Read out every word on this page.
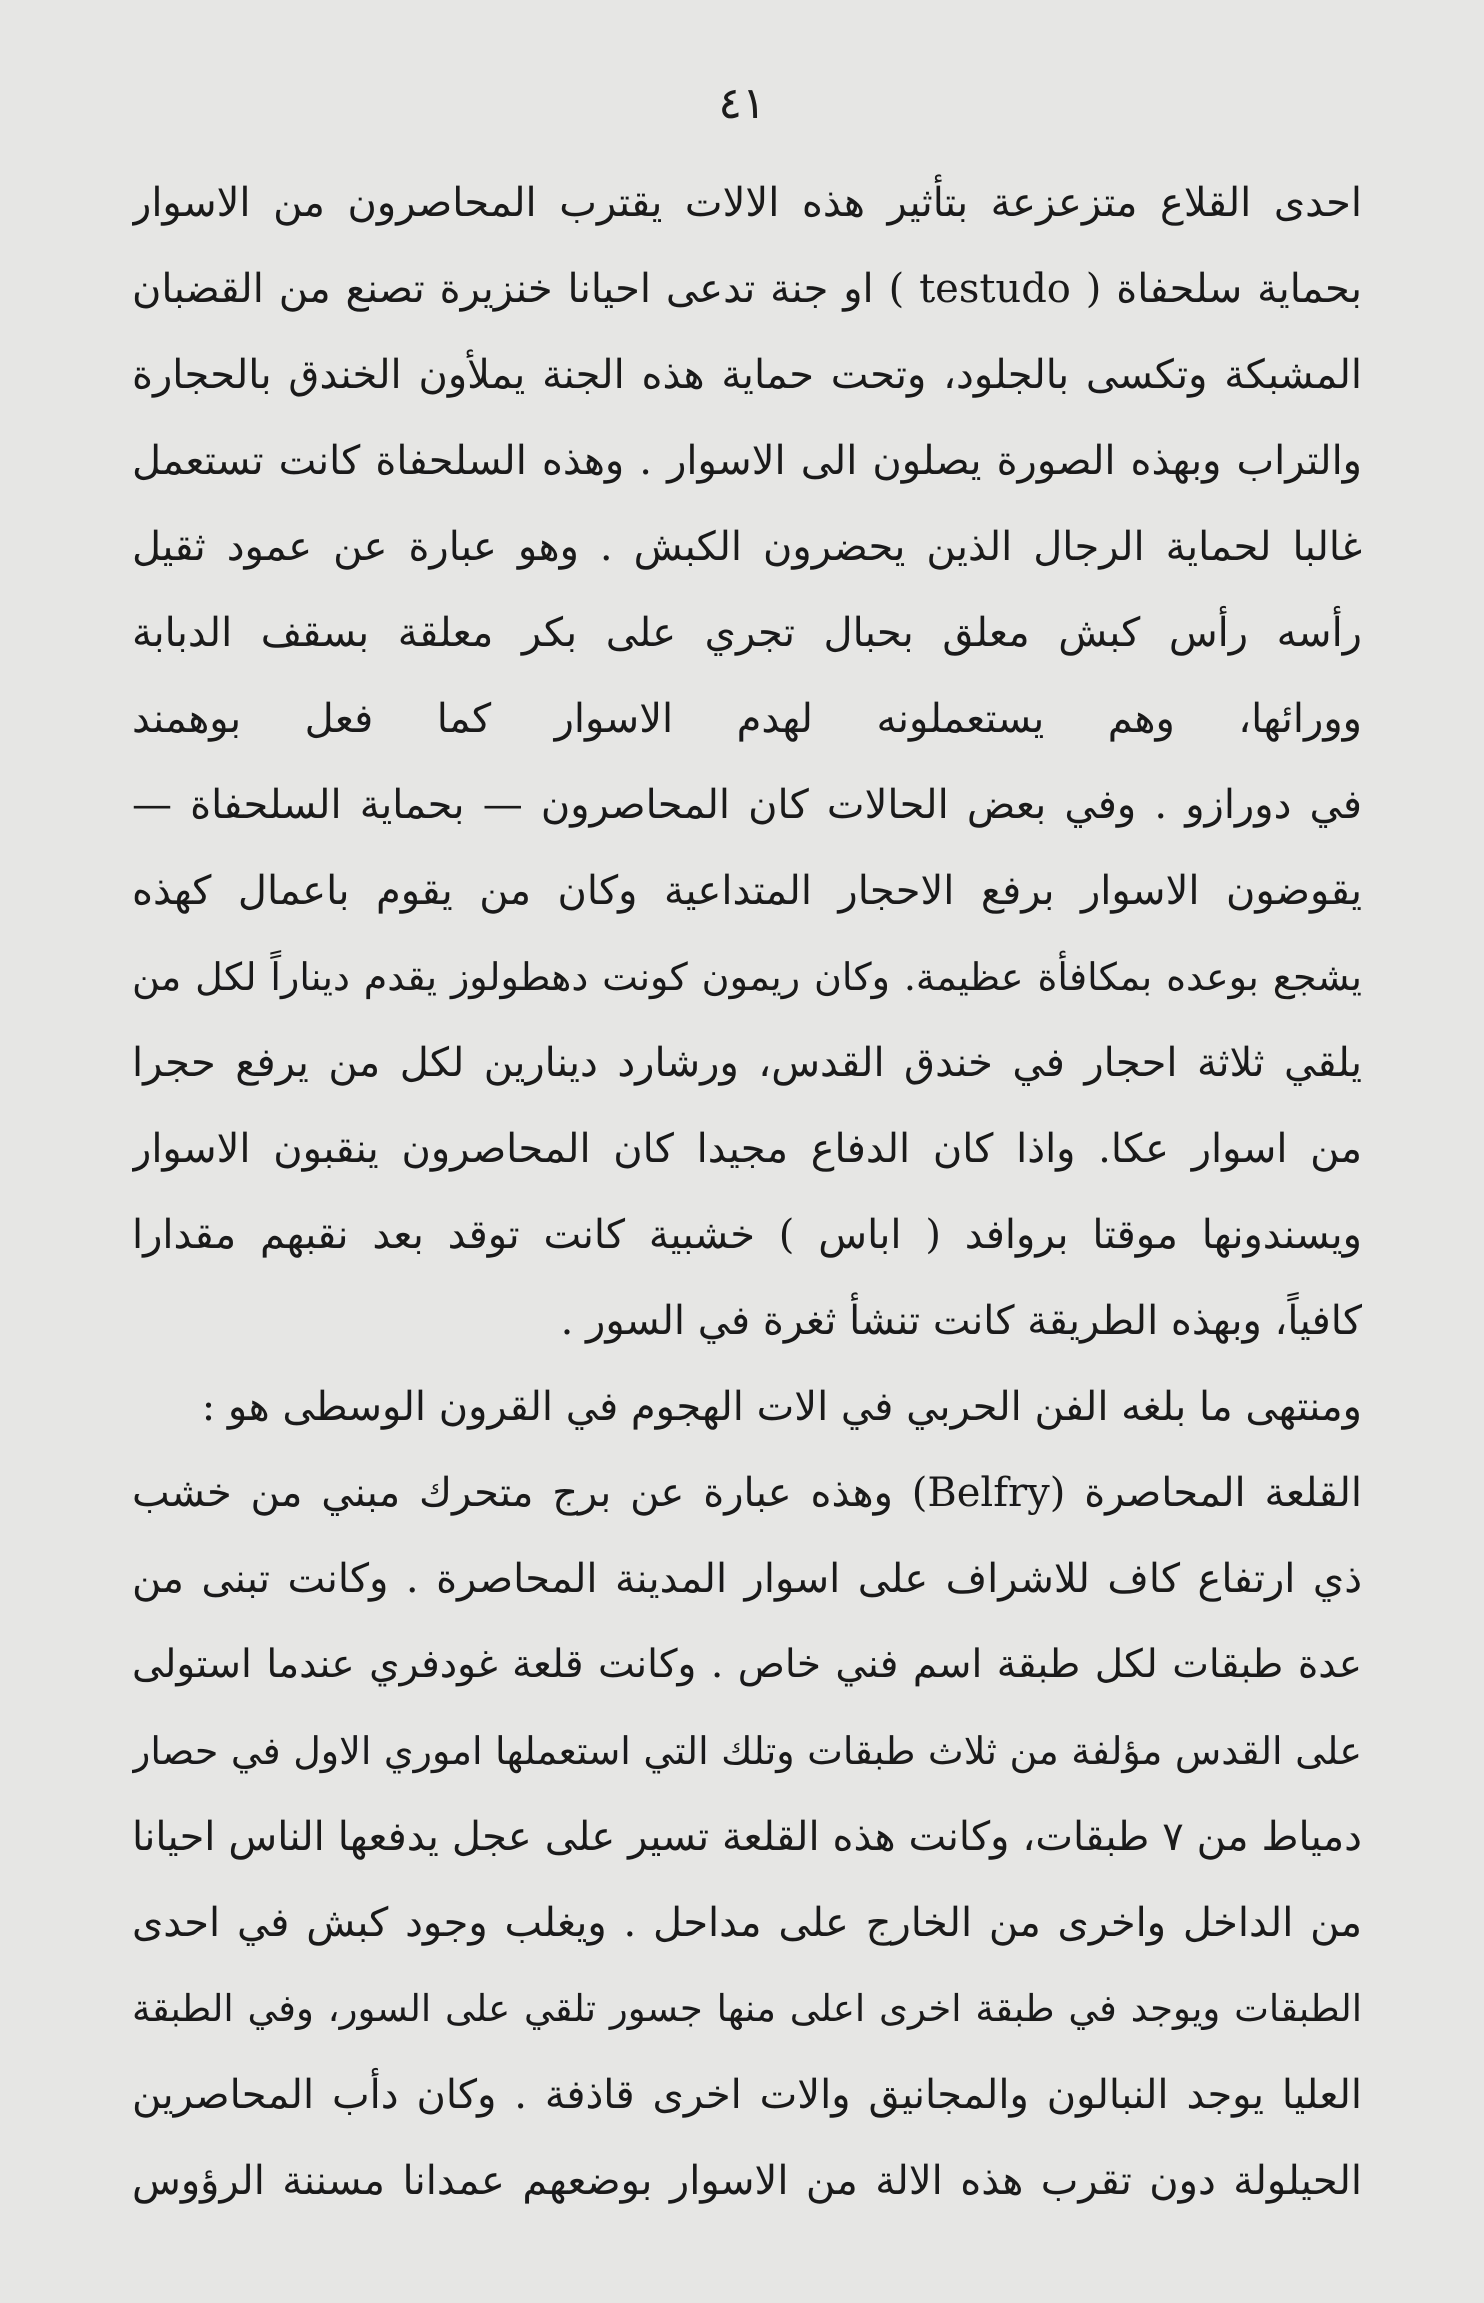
٤١
احدى القلاع متزعزعة بتأثير هذه الالات يقترب المحاصرون من الاسوار
بحماية سلحفاة ( testudo ) او جنة تدعى احيانا خنزيرة تصنع من القضبان
المشبكة وتكسى بالجلود، وتحت حماية هذه الجنة يملأون الخندق بالحجارة
والتراب وبهذه الصورة يصلون الى الاسوار . وهذه السلحفاة كانت تستعمل
غالبا لحماية الرجال الذين يحضرون الكبش . وهو عبارة عن عمود ثقيل
رأسه رأس كبش معلق بحبال تجري على بكر معلقة بسقف الدبابة
وورائها، وهم يستعملونه لهدم الاسوار كما فعل بوهمند
في دورازو . وفي بعض الحالات كان المحاصرون — بحماية السلحفاة —
يقوضون الاسوار برفع الاحجار المتداعية وكان من يقوم باعمال كهذه
يشجع بوعده بمكافأة عظيمة. وكان ريمون كونت دهطولوز يقدم ديناراً لكل من
يلقي ثلاثة احجار في خندق القدس، ورشارد دينارين لكل من يرفع حجرا
من اسوار عكا. واذا كان الدفاع مجيدا كان المحاصرون ينقبون الاسوار
ويسندونها موقتا بروافد ( اباس ) خشبية كانت توقد بعد نقبهم مقدارا
كافياً، وبهذه الطريقة كانت تنشأ ثغرة في السور .
ومنتهى ما بلغه الفن الحربي في الات الهجوم في القرون الوسطى هو :
القلعة المحاصرة (Belfry) وهذه عبارة عن برج متحرك مبني من خشب
ذي ارتفاع كاف للاشراف على اسوار المدينة المحاصرة . وكانت تبنى من
عدة طبقات لكل طبقة اسم فني خاص . وكانت قلعة غودفري عندما استولى
على القدس مؤلفة من ثلاث طبقات وتلك التي استعملها اموري الاول في حصار
دمياط من ٧ طبقات، وكانت هذه القلعة تسير على عجل يدفعها الناس احيانا
من الداخل واخرى من الخارج على مداحل . ويغلب وجود كبش في احدى
الطبقات ويوجد في طبقة اخرى اعلى منها جسور تلقي على السور، وفي الطبقة
العليا يوجد النبالون والمجانيق والات اخرى قاذفة . وكان دأب المحاصرين
الحيلولة دون تقرب هذه الالة من الاسوار بوضعهم عمدانا مسننة الرؤوس
